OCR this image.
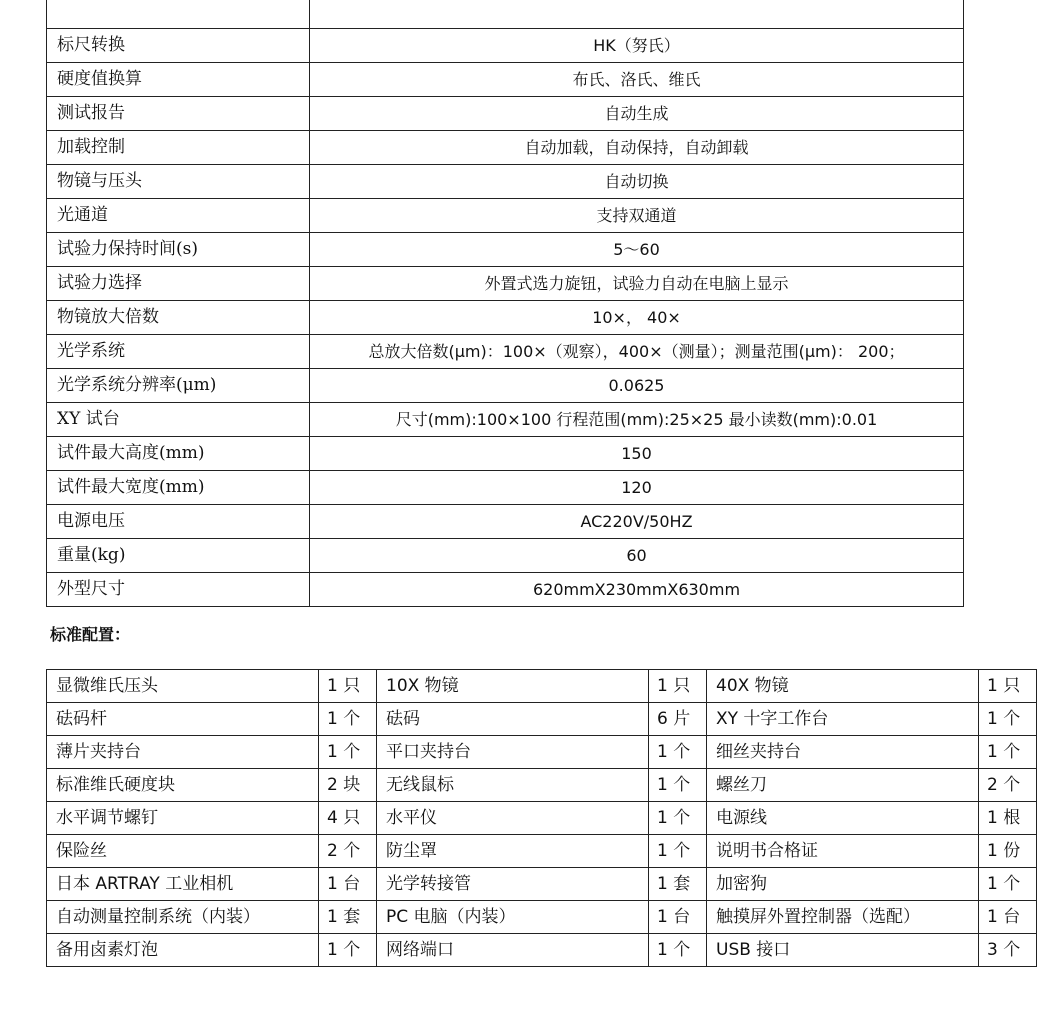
标尺转换	HK（努氏）
硬度值换算	布氏、洛氏、维氏
测试报告	自动生成
加载控制	自动加载，自动保持，自动卸载
物镜与压头	自动切换
光通道	支持双通道
试验力保持时间(s)	5～60
试验力选择	外置式选力旋钮，试验力自动在电脑上显示
物镜放大倍数	10×， 40×
光学系统	总放大倍数(μm)：100×（观察），400×（测量）；测量范围(μm)： 200；
光学系统分辨率(μm)	0.0625
XY 试台	尺寸(mm):100×100 行程范围(mm):25×25 最小读数(mm):0.01
试件最大高度(mm)	150
试件最大宽度(mm)	120
电源电压	AC220V/50HZ
重量(kg)	60
外型尺寸	620mmX230mmX630mm
标准配置：
显微维氏压头	1 只	10X 物镜	1 只	40X 物镜	1 只
砝码杆	1 个	砝码	6 片	XY 十字工作台	1 个
薄片夹持台	1 个	平口夹持台	1 个	细丝夹持台	1 个
标准维氏硬度块	2 块	无线鼠标	1 个	螺丝刀	2 个
水平调节螺钉	4 只	水平仪	1 个	电源线	1 根
保险丝	2 个	防尘罩	1 个	说明书合格证	1 份
日本 ARTRAY 工业相机	1 台	光学转接管	1 套	加密狗	1 个
自动测量控制系统（内装）	1 套	PC 电脑（内装）	1 台	触摸屏外置控制器（选配）	1 台
备用卤素灯泡	1 个	网络端口	1 个	USB 接口	3 个
